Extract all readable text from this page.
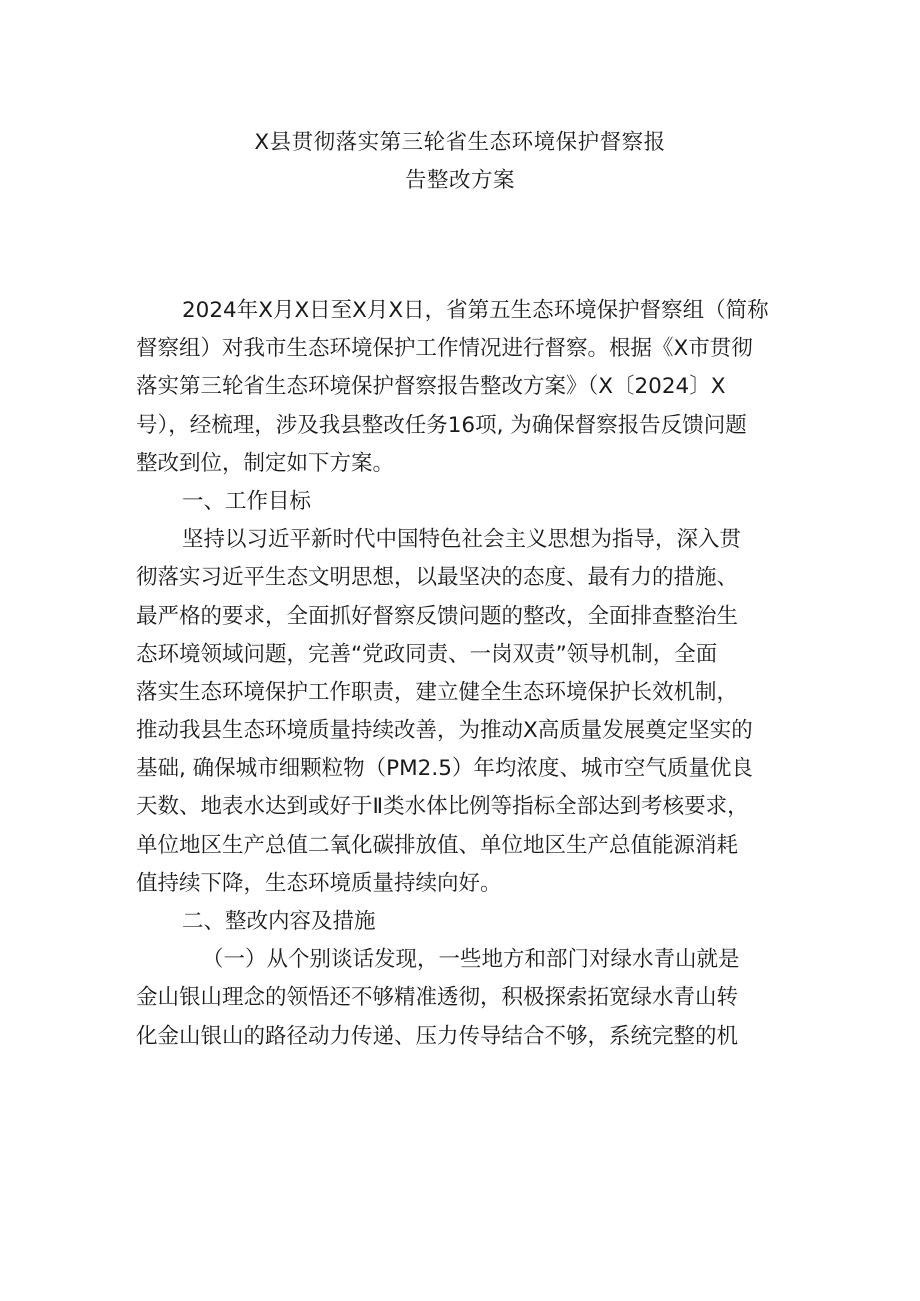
X县贯彻落实第三轮省生态环境保护督察报
告整改方案
2024年X月X日至X月X日，省第五生态环境保护督察组（简称
督察组）对我市生态环境保护工作情况进行督察。根据《X市贯彻
落实第三轮省生态环境保护督察报告整改方案》（X〔2024〕X
号），经梳理，涉及我县整改任务16项, 为确保督察报告反馈问题
整改到位，制定如下方案。
一、工作目标
坚持以习近平新时代中国特色社会主义思想为指导，深入贯
彻落实习近平生态文明思想，以最坚决的态度、最有力的措施、
最严格的要求，全面抓好督察反馈问题的整改，全面排查整治生
态环境领域问题，完善“党政同责、一岗双责”领导机制，全面
落实生态环境保护工作职责，建立健全生态环境保护长效机制，
推动我县生态环境质量持续改善，为推动X高质量发展奠定坚实的
基础, 确保城市细颗粒物（PM2.5）年均浓度、城市空气质量优良
天数、地表水达到或好于Ⅱ类水体比例等指标全部达到考核要求，
单位地区生产总值二氧化碳排放值、单位地区生产总值能源消耗
值持续下降，生态环境质量持续向好。
二、整改内容及措施
（一）从个别谈话发现，一些地方和部门对绿水青山就是
金山银山理念的领悟还不够精准透彻，积极探索拓宽绿水青山转
化金山银山的路径动力传递、压力传导结合不够，系统完整的机
